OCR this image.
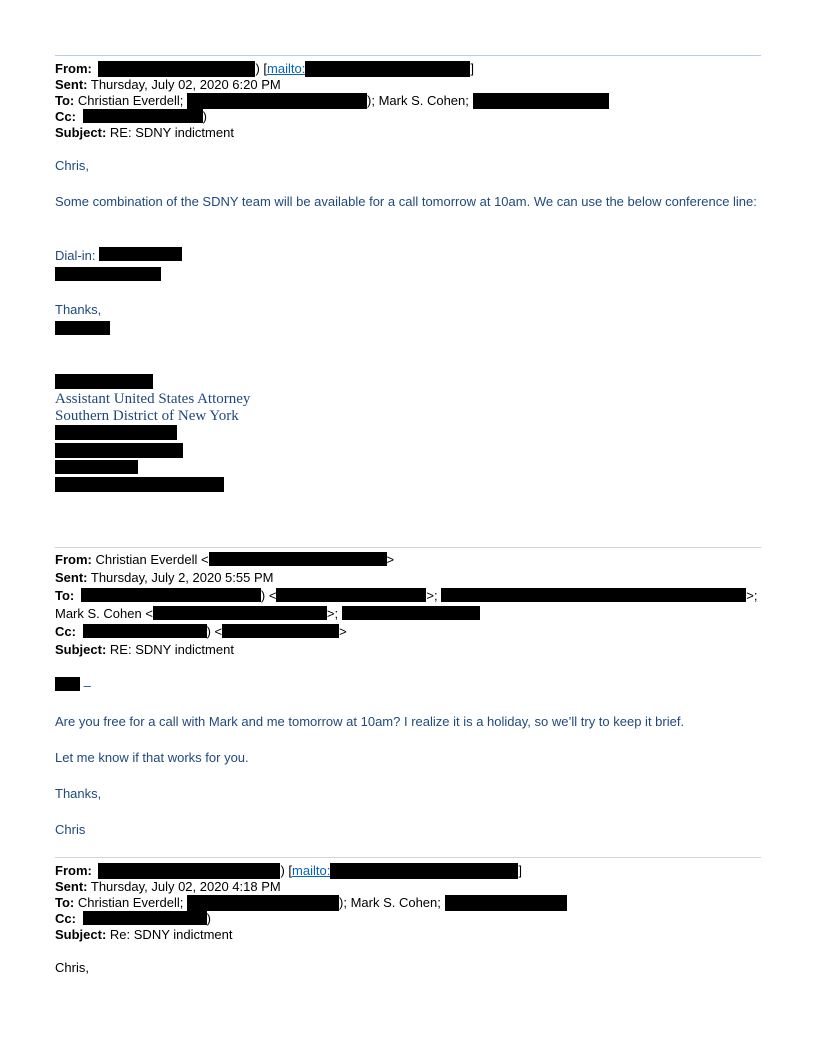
From:	) [mailto:	]
Sent: Thursday, July 02, 2020 6:20 PM
To: Christian Everdell;	); Mark S. Cohen;
Cc:	)
Subject: RE: SDNY indictment
Chris,
Some combination of the SDNY team will be available for a call tomorrow at 10am. We can use the below conference line:
Dial-in:
Thanks,
Assistant United States Attorney
Southern District of New York
From: Christian Everdell <	>
Sent: Thursday, July 2, 2020 5:55 PM
To:	) <	>;	>;
Mark S. Cohen <	>;
Cc:	) <	>
Subject: RE: SDNY indictment
–
Are you free for a call with Mark and me tomorrow at 10am? I realize it is a holiday, so we’ll try to keep it brief.
Let me know if that works for you.
Thanks,
Chris
From:	) [mailto:	]
Sent: Thursday, July 02, 2020 4:18 PM
To: Christian Everdell;	); Mark S. Cohen;
Cc:	)
Subject: Re: SDNY indictment
Chris,
